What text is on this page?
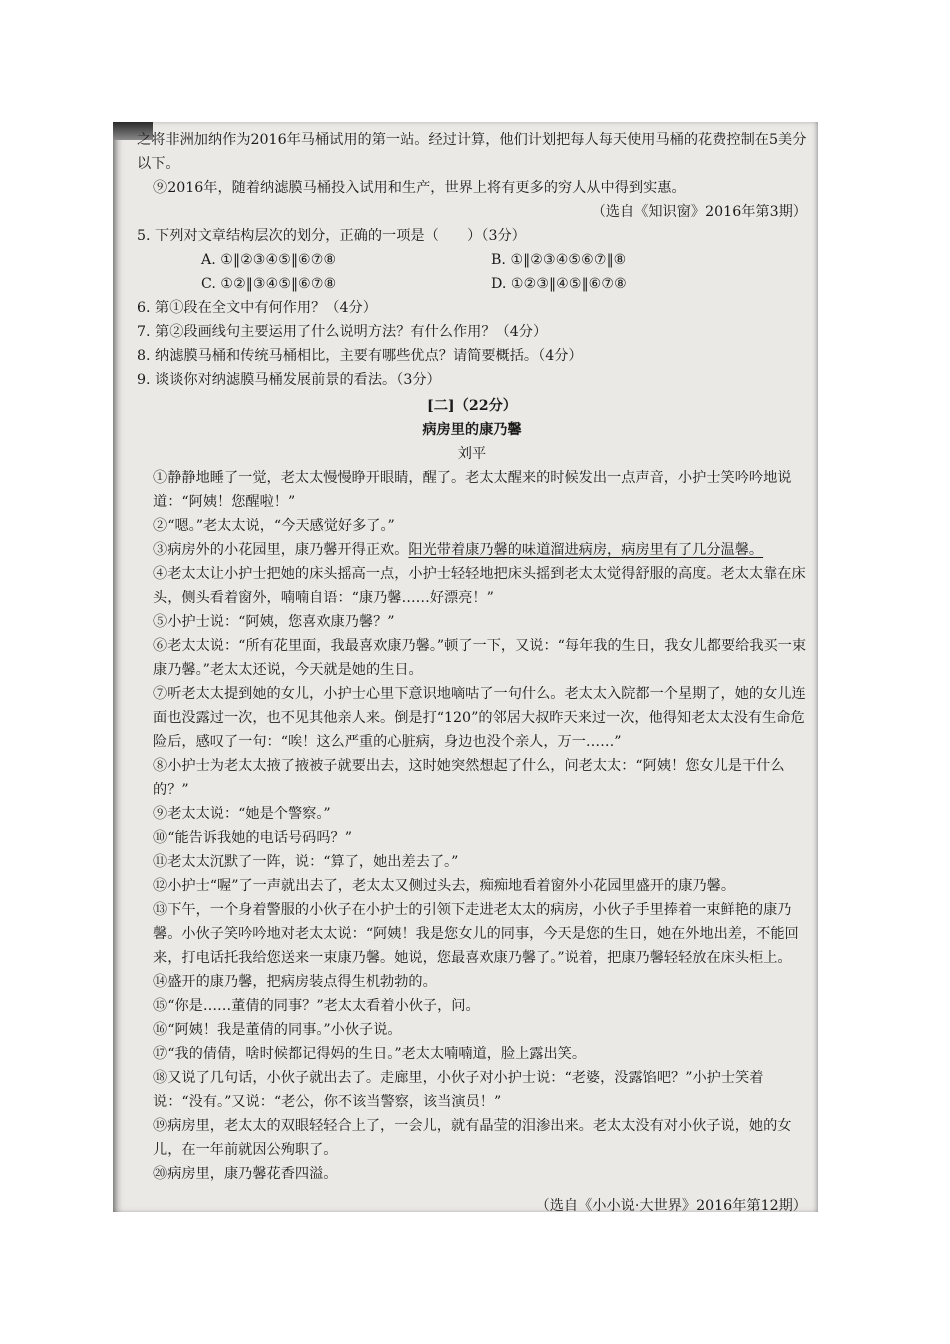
之将非洲加纳作为2016年马桶试用的第一站。经过计算，他们计划把每人每天使用马桶的花费控制在5美分以下。

⑨2016年，随着纳滤膜马桶投入试用和生产，世界上将有更多的穷人从中得到实惠。

（选自《知识窗》2016年第3期）

5. 下列对文章结构层次的划分，正确的一项是（　　）（3分）

A. ①‖②③④⑤‖⑥⑦⑧	B. ①‖②③④⑤⑥⑦‖⑧
C. ①②‖③④⑤‖⑥⑦⑧	D. ①②③‖④⑤‖⑥⑦⑧

6. 第①段在全文中有何作用？（4分）

7. 第②段画线句主要运用了什么说明方法？有什么作用？（4分）

8. 纳滤膜马桶和传统马桶相比，主要有哪些优点？请简要概括。（4分）

9. 谈谈你对纳滤膜马桶发展前景的看法。（3分）

[二]（22分）

病房里的康乃馨

刘平

①静静地睡了一觉，老太太慢慢睁开眼睛，醒了。老太太醒来的时候发出一点声音，小护士笑吟吟地说道：“阿姨！您醒啦！”

②“嗯。”老太太说，“今天感觉好多了。”

③病房外的小花园里，康乃馨开得正欢。阳光带着康乃馨的味道溜进病房，病房里有了几分温馨。

④老太太让小护士把她的床头摇高一点，小护士轻轻地把床头摇到老太太觉得舒服的高度。老太太靠在床头，侧头看着窗外，喃喃自语：“康乃馨……好漂亮！”

⑤小护士说：“阿姨，您喜欢康乃馨？”

⑥老太太说：“所有花里面，我最喜欢康乃馨。”顿了一下，又说：“每年我的生日，我女儿都要给我买一束康乃馨。”老太太还说，今天就是她的生日。

⑦听老太太提到她的女儿，小护士心里下意识地嘀咕了一句什么。老太太入院都一个星期了，她的女儿连面也没露过一次，也不见其他亲人来。倒是打“120”的邻居大叔昨天来过一次，他得知老太太没有生命危险后，感叹了一句：“唉！这么严重的心脏病，身边也没个亲人，万一……”

⑧小护士为老太太掖了掖被子就要出去，这时她突然想起了什么，问老太太：“阿姨！您女儿是干什么的？”

⑨老太太说：“她是个警察。”

⑩“能告诉我她的电话号码吗？”

⑪老太太沉默了一阵，说：“算了，她出差去了。”

⑫小护士“喔”了一声就出去了，老太太又侧过头去，痴痴地看着窗外小花园里盛开的康乃馨。

⑬下午，一个身着警服的小伙子在小护士的引领下走进老太太的病房，小伙子手里捧着一束鲜艳的康乃馨。小伙子笑吟吟地对老太太说：“阿姨！我是您女儿的同事，今天是您的生日，她在外地出差，不能回来，打电话托我给您送来一束康乃馨。她说，您最喜欢康乃馨了。”说着，把康乃馨轻轻放在床头柜上。

⑭盛开的康乃馨，把病房装点得生机勃勃的。

⑮“你是……董倩的同事？”老太太看着小伙子，问。

⑯“阿姨！我是董倩的同事。”小伙子说。

⑰“我的倩倩，啥时候都记得妈的生日。”老太太喃喃道，脸上露出笑。

⑱又说了几句话，小伙子就出去了。走廊里，小伙子对小护士说：“老婆，没露馅吧？”小护士笑着说：“没有。”又说：“老公，你不该当警察，该当演员！”

⑲病房里，老太太的双眼轻轻合上了，一会儿，就有晶莹的泪渗出来。老太太没有对小伙子说，她的女儿，在一年前就因公殉职了。

⑳病房里，康乃馨花香四溢。

（选自《小小说·大世界》2016年第12期）
